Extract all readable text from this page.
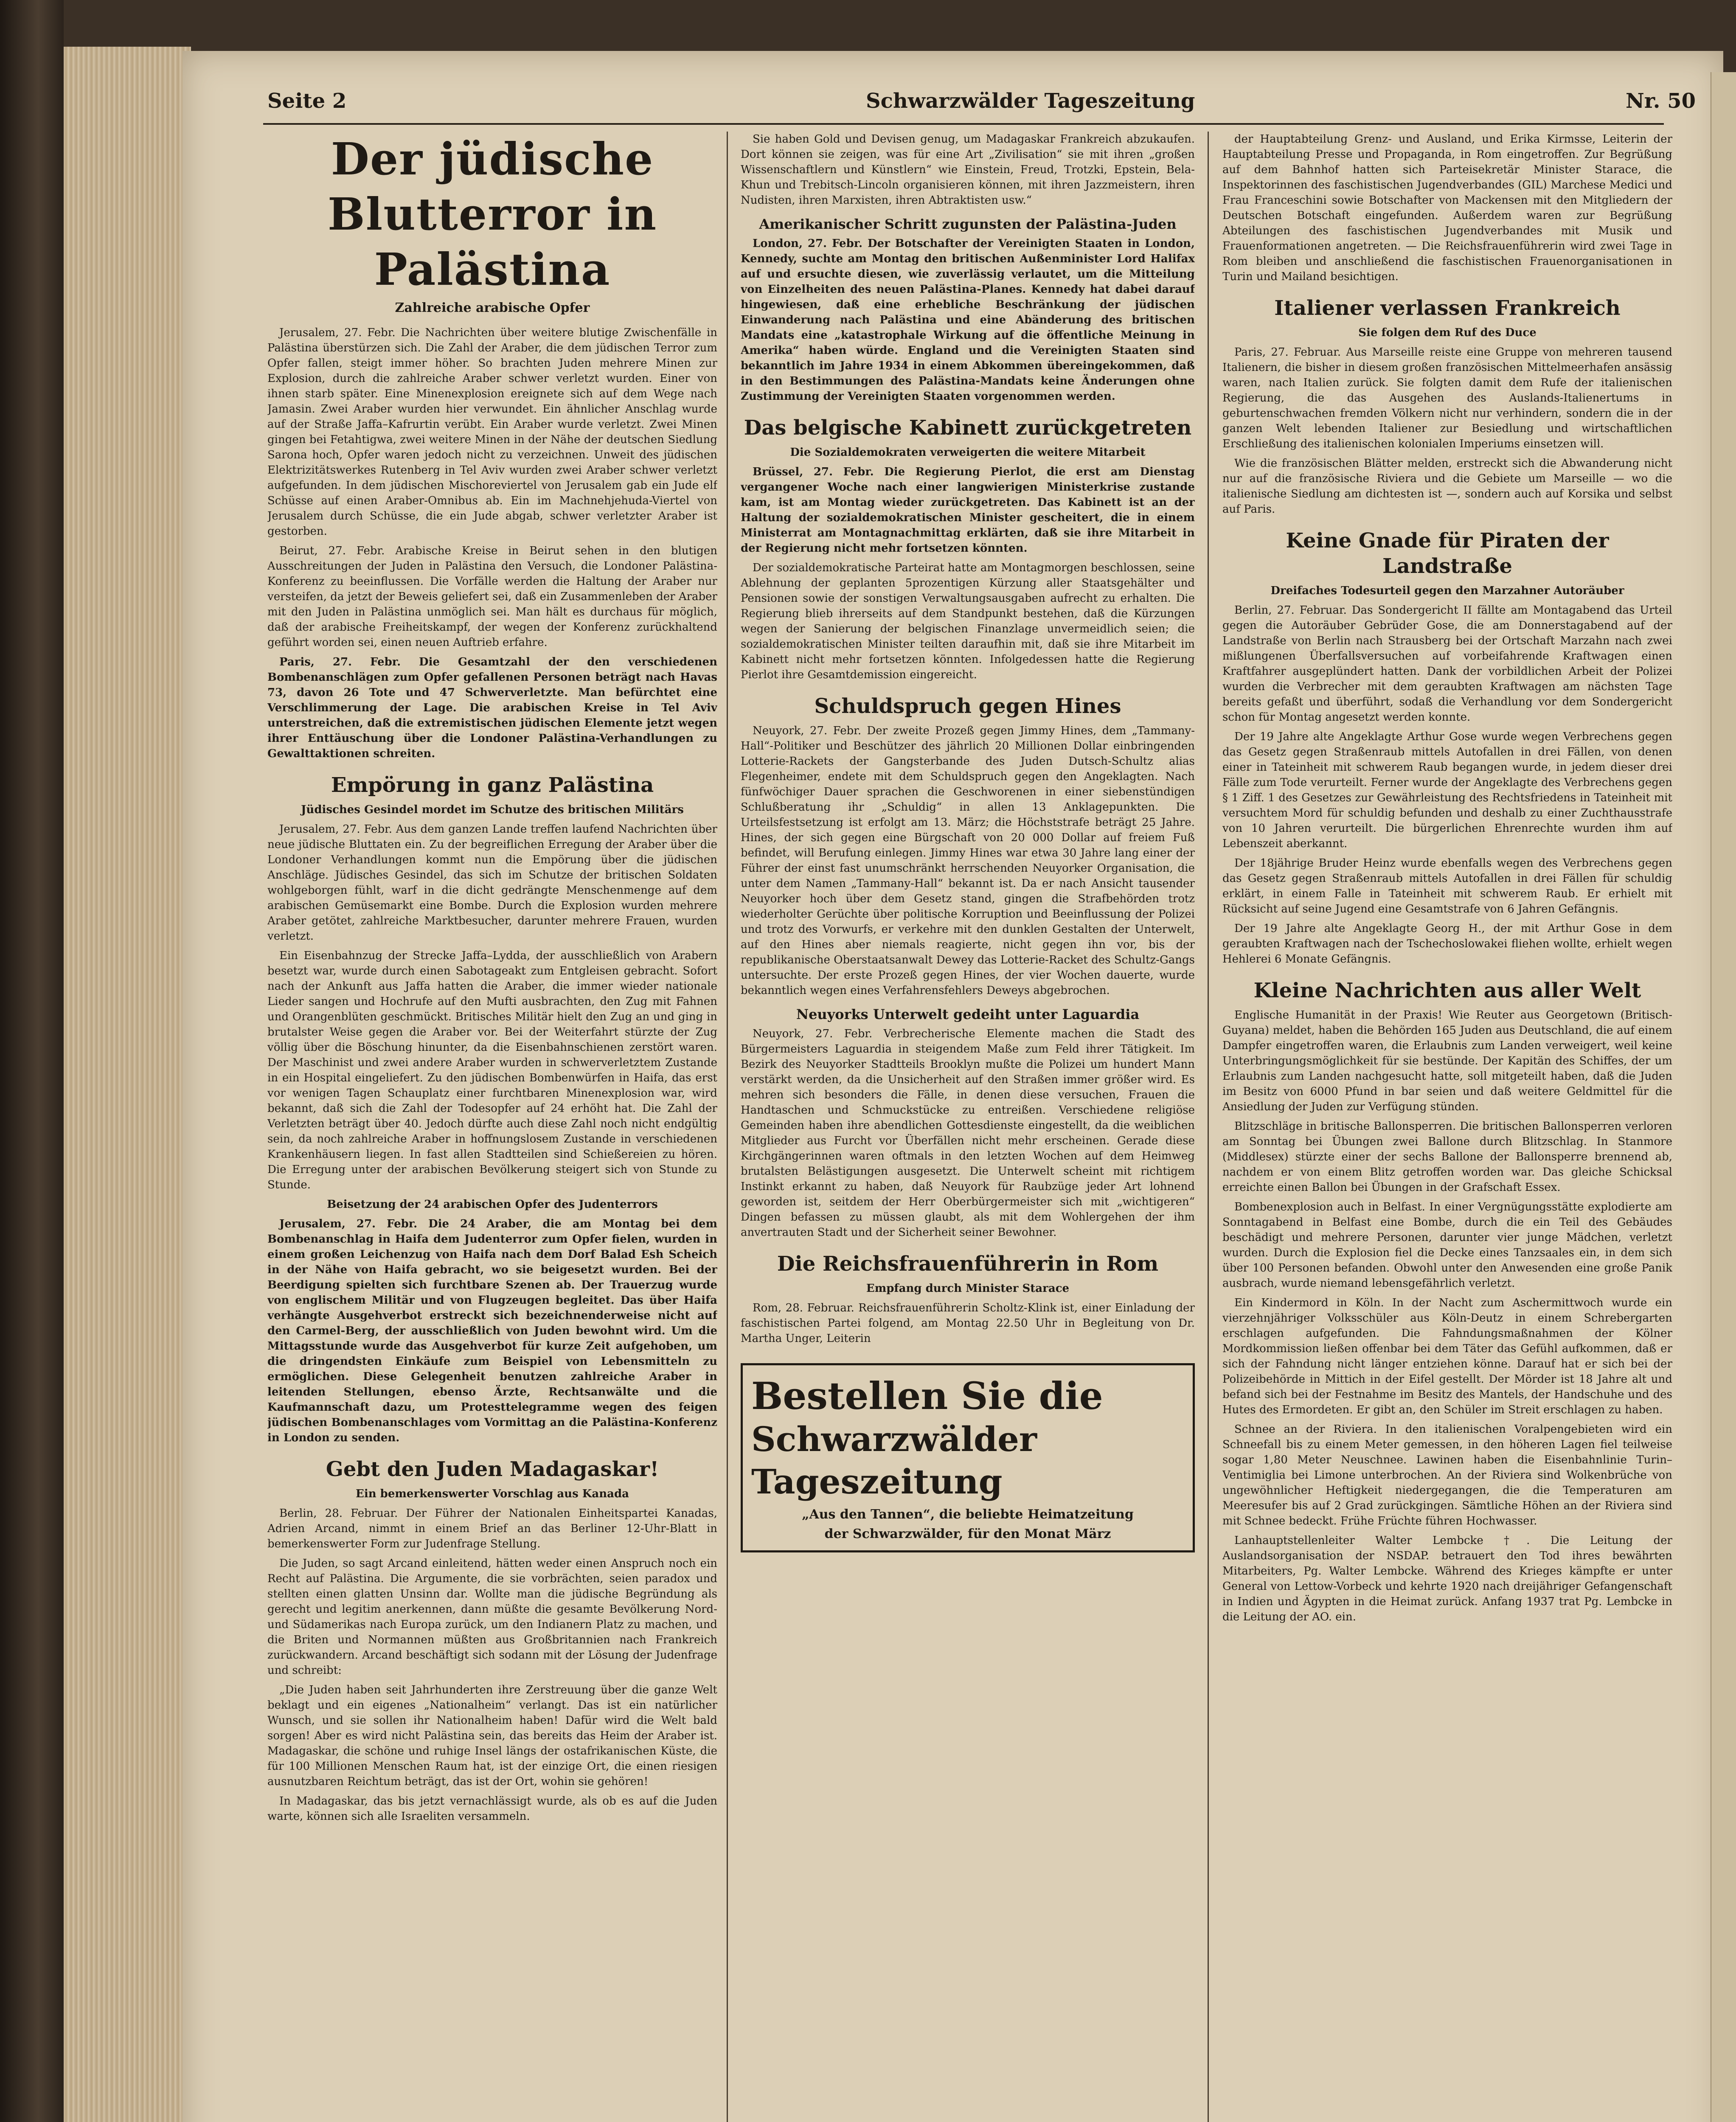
Seite 2	Schwarzwälder Tageszeitung	Nr. 50
Der jüdische Blutterror in Palästina
Zahlreiche arabische Opfer

Jerusalem, 27. Febr. Die Nachrichten über weitere blutige Zwischenfälle in Palästina überstürzen sich. Die Zahl der Araber, die dem jüdischen Terror zum Opfer fallen, steigt immer höher. So brachten Juden mehrere Minen zur Explosion, durch die zahlreiche Araber schwer verletzt wurden. Einer von ihnen starb später. Eine Minenexplosion ereignete sich auf dem Wege nach Jamasin. Zwei Araber wurden hier verwundet. Ein ähnlicher Anschlag wurde auf der Straße Jaffa–Kafrurtin verübt. Ein Araber wurde verletzt. Zwei Minen gingen bei Fetahtigwa, zwei weitere Minen in der Nähe der deutschen Siedlung Sarona hoch, Opfer waren jedoch nicht zu verzeichnen. Unweit des jüdischen Elektrizitätswerkes Rutenberg in Tel Aviv wurden zwei Araber schwer verletzt aufgefunden. In dem jüdischen Mischoreviertel von Jerusalem gab ein Jude elf Schüsse auf einen Araber-Omnibus ab. Ein im Machnehjehuda-Viertel von Jerusalem durch Schüsse, die ein Jude abgab, schwer verletzter Araber ist gestorben.

Beirut, 27. Febr. Arabische Kreise in Beirut sehen in den blutigen Ausschreitungen der Juden in Palästina den Versuch, die Londoner Palästina-Konferenz zu beeinflussen. Die Vorfälle werden die Haltung der Araber nur versteifen, da jetzt der Beweis geliefert sei, daß ein Zusammenleben der Araber mit den Juden in Palästina unmöglich sei. Man hält es durchaus für möglich, daß der arabische Freiheitskampf, der wegen der Konferenz zurückhaltend geführt worden sei, einen neuen Auftrieb erfahre.

Paris, 27. Febr. Die Gesamtzahl der den verschiedenen Bombenanschlägen zum Opfer gefallenen Personen beträgt nach Havas 73, davon 26 Tote und 47 Schwerverletzte. Man befürchtet eine Verschlimmerung der Lage. Die arabischen Kreise in Tel Aviv unterstreichen, daß die extremistischen jüdischen Elemente jetzt wegen ihrer Enttäuschung über die Londoner Palästina-Verhandlungen zu Gewalttaktionen schreiten.

Empörung in ganz Palästina
Jüdisches Gesindel mordet im Schutze des britischen Militärs

Jerusalem, 27. Febr. Aus dem ganzen Lande treffen laufend Nachrichten über neue jüdische Bluttaten ein. Zu der begreiflichen Erregung der Araber über die Londoner Verhandlungen kommt nun die Empörung über die jüdischen Anschläge. Jüdisches Gesindel, das sich im Schutze der britischen Soldaten wohlgeborgen fühlt, warf in die dicht gedrängte Menschenmenge auf dem arabischen Gemüsemarkt eine Bombe. Durch die Explosion wurden mehrere Araber getötet, zahlreiche Marktbesucher, darunter mehrere Frauen, wurden verletzt.

Ein Eisenbahnzug der Strecke Jaffa–Lydda, der ausschließlich von Arabern besetzt war, wurde durch einen Sabotageakt zum Entgleisen gebracht. Sofort nach der Ankunft aus Jaffa hatten die Araber, die immer wieder nationale Lieder sangen und Hochrufe auf den Mufti ausbrachten, den Zug mit Fahnen und Orangenblüten geschmückt. Britisches Militär hielt den Zug an und ging in brutalster Weise gegen die Araber vor. Bei der Weiterfahrt stürzte der Zug völlig über die Böschung hinunter, da die Eisenbahnschienen zerstört waren. Der Maschinist und zwei andere Araber wurden in schwerverletztem Zustande in ein Hospital eingeliefert. Zu den jüdischen Bombenwürfen in Haifa, das erst vor wenigen Tagen Schauplatz einer furchtbaren Minenexplosion war, wird bekannt, daß sich die Zahl der Todesopfer auf 24 erhöht hat. Die Zahl der Verletzten beträgt über 40. Jedoch dürfte auch diese Zahl noch nicht endgültig sein, da noch zahlreiche Araber in hoffnungslosem Zustande in verschiedenen Krankenhäusern liegen. In fast allen Stadtteilen sind Schießereien zu hören. Die Erregung unter der arabischen Bevölkerung steigert sich von Stunde zu Stunde.

Beisetzung der 24 arabischen Opfer des Judenterrors

Jerusalem, 27. Febr. Die 24 Araber, die am Montag bei dem Bombenanschlag in Haifa dem Judenterror zum Opfer fielen, wurden in einem großen Leichenzug von Haifa nach dem Dorf Balad Esh Scheich in der Nähe von Haifa gebracht, wo sie beigesetzt wurden. Bei der Beerdigung spielten sich furchtbare Szenen ab. Der Trauerzug wurde von englischem Militär und von Flugzeugen begleitet. Das über Haifa verhängte Ausgehverbot erstreckt sich bezeichnenderweise nicht auf den Carmel-Berg, der ausschließlich von Juden bewohnt wird. Um die Mittagsstunde wurde das Ausgehverbot für kurze Zeit aufgehoben, um die dringendsten Einkäufe zum Beispiel von Lebensmitteln zu ermöglichen. Diese Gelegenheit benutzen zahlreiche Araber in leitenden Stellungen, ebenso Ärzte, Rechtsanwälte und die Kaufmannschaft dazu, um Protesttelegramme wegen des feigen jüdischen Bombenanschlages vom Vormittag an die Palästina-Konferenz in London zu senden.

Gebt den Juden Madagaskar!
Ein bemerkenswerter Vorschlag aus Kanada

Berlin, 28. Februar. Der Führer der Nationalen Einheitspartei Kanadas, Adrien Arcand, nimmt in einem Brief an das Berliner 12-Uhr-Blatt in bemerkenswerter Form zur Judenfrage Stellung.

Die Juden, so sagt Arcand einleitend, hätten weder einen Anspruch noch ein Recht auf Palästina. Die Argumente, die sie vorbrächten, seien paradox und stellten einen glatten Unsinn dar. Wollte man die jüdische Begründung als gerecht und legitim anerkennen, dann müßte die gesamte Bevölkerung Nord- und Südamerikas nach Europa zurück, um den Indianern Platz zu machen, und die Briten und Normannen müßten aus Großbritannien nach Frankreich zurückwandern. Arcand beschäftigt sich sodann mit der Lösung der Judenfrage und schreibt:

„Die Juden haben seit Jahrhunderten ihre Zerstreuung über die ganze Welt beklagt und ein eigenes „Nationalheim“ verlangt. Das ist ein natürlicher Wunsch, und sie sollen ihr Nationalheim haben! Dafür wird die Welt bald sorgen! Aber es wird nicht Palästina sein, das bereits das Heim der Araber ist. Madagaskar, die schöne und ruhige Insel längs der ostafrikanischen Küste, die für 100 Millionen Menschen Raum hat, ist der einzige Ort, die einen riesigen ausnutzbaren Reichtum beträgt, das ist der Ort, wohin sie gehören!

In Madagaskar, das bis jetzt vernachlässigt wurde, als ob es auf die Juden warte, können sich alle Israeliten versammeln.

Sie haben Gold und Devisen genug, um Madagaskar Frankreich abzukaufen. Dort können sie zeigen, was für eine Art „Zivilisation“ sie mit ihren „großen Wissenschaftlern und Künstlern“ wie Einstein, Freud, Trotzki, Epstein, Bela-Khun und Trebitsch-Lincoln organisieren können, mit ihren Jazzmeistern, ihren Nudisten, ihren Marxisten, ihren Abtraktisten usw.“

Amerikanischer Schritt zugunsten der Palästina-Juden

London, 27. Febr. Der Botschafter der Vereinigten Staaten in London, Kennedy, suchte am Montag den britischen Außenminister Lord Halifax auf und ersuchte diesen, wie zuverlässig verlautet, um die Mitteilung von Einzelheiten des neuen Palästina-Planes. Kennedy hat dabei darauf hingewiesen, daß eine erhebliche Beschränkung der jüdischen Einwanderung nach Palästina und eine Abänderung des britischen Mandats eine „katastrophale Wirkung auf die öffentliche Meinung in Amerika“ haben würde. England und die Vereinigten Staaten sind bekanntlich im Jahre 1934 in einem Abkommen übereingekommen, daß in den Bestimmungen des Palästina-Mandats keine Änderungen ohne Zustimmung der Vereinigten Staaten vorgenommen werden.

Das belgische Kabinett zurückgetreten
Die Sozialdemokraten verweigerten die weitere Mitarbeit

Brüssel, 27. Febr. Die Regierung Pierlot, die erst am Dienstag vergangener Woche nach einer langwierigen Ministerkrise zustande kam, ist am Montag wieder zurückgetreten. Das Kabinett ist an der Haltung der sozialdemokratischen Minister gescheitert, die in einem Ministerrat am Montagnachmittag erklärten, daß sie ihre Mitarbeit in der Regierung nicht mehr fortsetzen könnten.

Der sozialdemokratische Parteirat hatte am Montagmorgen beschlossen, seine Ablehnung der geplanten 5prozentigen Kürzung aller Staatsgehälter und Pensionen sowie der sonstigen Verwaltungsausgaben aufrecht zu erhalten. Die Regierung blieb ihrerseits auf dem Standpunkt bestehen, daß die Kürzungen wegen der Sanierung der belgischen Finanzlage unvermeidlich seien; die sozialdemokratischen Minister teilten daraufhin mit, daß sie ihre Mitarbeit im Kabinett nicht mehr fortsetzen könnten. Infolgedessen hatte die Regierung Pierlot ihre Gesamtdemission eingereicht.

Schuldspruch gegen Hines

Neuyork, 27. Febr. Der zweite Prozeß gegen Jimmy Hines, dem „Tammany-Hall“-Politiker und Beschützer des jährlich 20 Millionen Dollar einbringenden Lotterie-Rackets der Gangsterbande des Juden Dutsch-Schultz alias Flegenheimer, endete mit dem Schuldspruch gegen den Angeklagten. Nach fünfwöchiger Dauer sprachen die Geschworenen in einer siebenstündigen Schlußberatung ihr „Schuldig“ in allen 13 Anklagepunkten. Die Urteilsfestsetzung ist erfolgt am 13. März; die Höchststrafe beträgt 25 Jahre. Hines, der sich gegen eine Bürgschaft von 20 000 Dollar auf freiem Fuß befindet, will Berufung einlegen. Jimmy Hines war etwa 30 Jahre lang einer der Führer der einst fast unumschränkt herrschenden Neuyorker Organisation, die unter dem Namen „Tammany-Hall“ bekannt ist. Da er nach Ansicht tausender Neuyorker hoch über dem Gesetz stand, gingen die Strafbehörden trotz wiederholter Gerüchte über politische Korruption und Beeinflussung der Polizei und trotz des Vorwurfs, er verkehre mit den dunklen Gestalten der Unterwelt, auf den Hines aber niemals reagierte, nicht gegen ihn vor, bis der republikanische Oberstaatsanwalt Dewey das Lotterie-Racket des Schultz-Gangs untersuchte. Der erste Prozeß gegen Hines, der vier Wochen dauerte, wurde bekanntlich wegen eines Verfahrensfehlers Deweys abgebrochen.

Neuyorks Unterwelt gedeiht unter Laguardia

Neuyork, 27. Febr. Verbrecherische Elemente machen die Stadt des Bürgermeisters Laguardia in steigendem Maße zum Feld ihrer Tätigkeit. Im Bezirk des Neuyorker Stadtteils Brooklyn mußte die Polizei um hundert Mann verstärkt werden, da die Unsicherheit auf den Straßen immer größer wird. Es mehren sich besonders die Fälle, in denen diese versuchen, Frauen die Handtaschen und Schmuckstücke zu entreißen. Verschiedene religiöse Gemeinden haben ihre abendlichen Gottesdienste eingestellt, da die weiblichen Mitglieder aus Furcht vor Überfällen nicht mehr erscheinen. Gerade diese Kirchgängerinnen waren oftmals in den letzten Wochen auf dem Heimweg brutalsten Belästigungen ausgesetzt. Die Unterwelt scheint mit richtigem Instinkt erkannt zu haben, daß Neuyork für Raubzüge jeder Art lohnend geworden ist, seitdem der Herr Oberbürgermeister sich mit „wichtigeren“ Dingen befassen zu müssen glaubt, als mit dem Wohlergehen der ihm anvertrauten Stadt und der Sicherheit seiner Bewohner.

Die Reichsfrauenführerin in Rom
Empfang durch Minister Starace

Rom, 28. Februar. Reichsfrauenführerin Scholtz-Klink ist, einer Einladung der faschistischen Partei folgend, am Montag 22.50 Uhr in Begleitung von Dr. Martha Unger, Leiterin

Bestellen Sie die
Schwarzwälder Tageszeitung
„Aus den Tannen“, die beliebte Heimatzeitung
der Schwarzwälder, für den Monat März

der Hauptabteilung Grenz- und Ausland, und Erika Kirmsse, Leiterin der Hauptabteilung Presse und Propaganda, in Rom eingetroffen. Zur Begrüßung auf dem Bahnhof hatten sich Parteisekretär Minister Starace, die Inspektorinnen des faschistischen Jugendverbandes (GIL) Marchese Medici und Frau Franceschini sowie Botschafter von Mackensen mit den Mitgliedern der Deutschen Botschaft eingefunden. Außerdem waren zur Begrüßung Abteilungen des faschistischen Jugendverbandes mit Musik und Frauenformationen angetreten. — Die Reichsfrauenführerin wird zwei Tage in Rom bleiben und anschließend die faschistischen Frauenorganisationen in Turin und Mailand besichtigen.

Italiener verlassen Frankreich
Sie folgen dem Ruf des Duce

Paris, 27. Februar. Aus Marseille reiste eine Gruppe von mehreren tausend Italienern, die bisher in diesem großen französischen Mittelmeerhafen ansässig waren, nach Italien zurück. Sie folgten damit dem Rufe der italienischen Regierung, die das Ausgehen des Auslands-Italienertums in geburtenschwachen fremden Völkern nicht nur verhindern, sondern die in der ganzen Welt lebenden Italiener zur Besiedlung und wirtschaftlichen Erschließung des italienischen kolonialen Imperiums einsetzen will.

Wie die französischen Blätter melden, erstreckt sich die Abwanderung nicht nur auf die französische Riviera und die Gebiete um Marseille — wo die italienische Siedlung am dichtesten ist —, sondern auch auf Korsika und selbst auf Paris.

Keine Gnade für Piraten der Landstraße
Dreifaches Todesurteil gegen den Marzahner Autoräuber

Berlin, 27. Februar. Das Sondergericht II fällte am Montagabend das Urteil gegen die Autoräuber Gebrüder Gose, die am Donnerstagabend auf der Landstraße von Berlin nach Strausberg bei der Ortschaft Marzahn nach zwei mißlungenen Überfallsversuchen auf vorbeifahrende Kraftwagen einen Kraftfahrer ausgeplündert hatten. Dank der vorbildlichen Arbeit der Polizei wurden die Verbrecher mit dem geraubten Kraftwagen am nächsten Tage bereits gefaßt und überführt, sodaß die Verhandlung vor dem Sondergericht schon für Montag angesetzt werden konnte.

Der 19 Jahre alte Angeklagte Arthur Gose wurde wegen Verbrechens gegen das Gesetz gegen Straßenraub mittels Autofallen in drei Fällen, von denen einer in Tateinheit mit schwerem Raub begangen wurde, in jedem dieser drei Fälle zum Tode verurteilt. Ferner wurde der Angeklagte des Verbrechens gegen § 1 Ziff. 1 des Gesetzes zur Gewährleistung des Rechtsfriedens in Tateinheit mit versuchtem Mord für schuldig befunden und deshalb zu einer Zuchthausstrafe von 10 Jahren verurteilt. Die bürgerlichen Ehrenrechte wurden ihm auf Lebenszeit aberkannt.

Der 18jährige Bruder Heinz wurde ebenfalls wegen des Verbrechens gegen das Gesetz gegen Straßenraub mittels Autofallen in drei Fällen für schuldig erklärt, in einem Falle in Tateinheit mit schwerem Raub. Er erhielt mit Rücksicht auf seine Jugend eine Gesamtstrafe von 6 Jahren Gefängnis.

Der 19 Jahre alte Angeklagte Georg H., der mit Arthur Gose in dem geraubten Kraftwagen nach der Tschechoslowakei fliehen wollte, erhielt wegen Hehlerei 6 Monate Gefängnis.

Kleine Nachrichten aus aller Welt

Englische Humanität in der Praxis! Wie Reuter aus Georgetown (Britisch-Guyana) meldet, haben die Behörden 165 Juden aus Deutschland, die auf einem Dampfer eingetroffen waren, die Erlaubnis zum Landen verweigert, weil keine Unterbringungsmöglichkeit für sie bestünde. Der Kapitän des Schiffes, der um Erlaubnis zum Landen nachgesucht hatte, soll mitgeteilt haben, daß die Juden im Besitz von 6000 Pfund in bar seien und daß weitere Geldmittel für die Ansiedlung der Juden zur Verfügung stünden.

Blitzschläge in britische Ballonsperren. Die britischen Ballonsperren verloren am Sonntag bei Übungen zwei Ballone durch Blitzschlag. In Stanmore (Middlesex) stürzte einer der sechs Ballone der Ballonsperre brennend ab, nachdem er von einem Blitz getroffen worden war. Das gleiche Schicksal erreichte einen Ballon bei Übungen in der Grafschaft Essex.

Bombenexplosion auch in Belfast. In einer Vergnügungsstätte explodierte am Sonntagabend in Belfast eine Bombe, durch die ein Teil des Gebäudes beschädigt und mehrere Personen, darunter vier junge Mädchen, verletzt wurden. Durch die Explosion fiel die Decke eines Tanzsaales ein, in dem sich über 100 Personen befanden. Obwohl unter den Anwesenden eine große Panik ausbrach, wurde niemand lebensgefährlich verletzt.

Ein Kindermord in Köln. In der Nacht zum Aschermittwoch wurde ein vierzehnjähriger Volksschüler aus Köln-Deutz in einem Schrebergarten erschlagen aufgefunden. Die Fahndungsmaßnahmen der Kölner Mordkommission ließen offenbar bei dem Täter das Gefühl aufkommen, daß er sich der Fahndung nicht länger entziehen könne. Darauf hat er sich bei der Polizeibehörde in Mittich in der Eifel gestellt. Der Mörder ist 18 Jahre alt und befand sich bei der Festnahme im Besitz des Mantels, der Handschuhe und des Hutes des Ermordeten. Er gibt an, den Schüler im Streit erschlagen zu haben.

Schnee an der Riviera. In den italienischen Voralpengebieten wird ein Schneefall bis zu einem Meter gemessen, in den höheren Lagen fiel teilweise sogar 1,80 Meter Neuschnee. Lawinen haben die Eisenbahnlinie Turin–Ventimiglia bei Limone unterbrochen. An der Riviera sind Wolkenbrüche von ungewöhnlicher Heftigkeit niedergegangen, die die Temperaturen am Meeresufer bis auf 2 Grad zurückgingen. Sämtliche Höhen an der Riviera sind mit Schnee bedeckt. Frühe Früchte führen Hochwasser.

Lanhauptstellenleiter Walter Lembcke †. Die Leitung der Auslandsorganisation der NSDAP. betrauert den Tod ihres bewährten Mitarbeiters, Pg. Walter Lembcke. Während des Krieges kämpfte er unter General von Lettow-Vorbeck und kehrte 1920 nach dreijähriger Gefangenschaft in Indien und Ägypten in die Heimat zurück. Anfang 1937 trat Pg. Lembcke in die Leitung der AO. ein.
